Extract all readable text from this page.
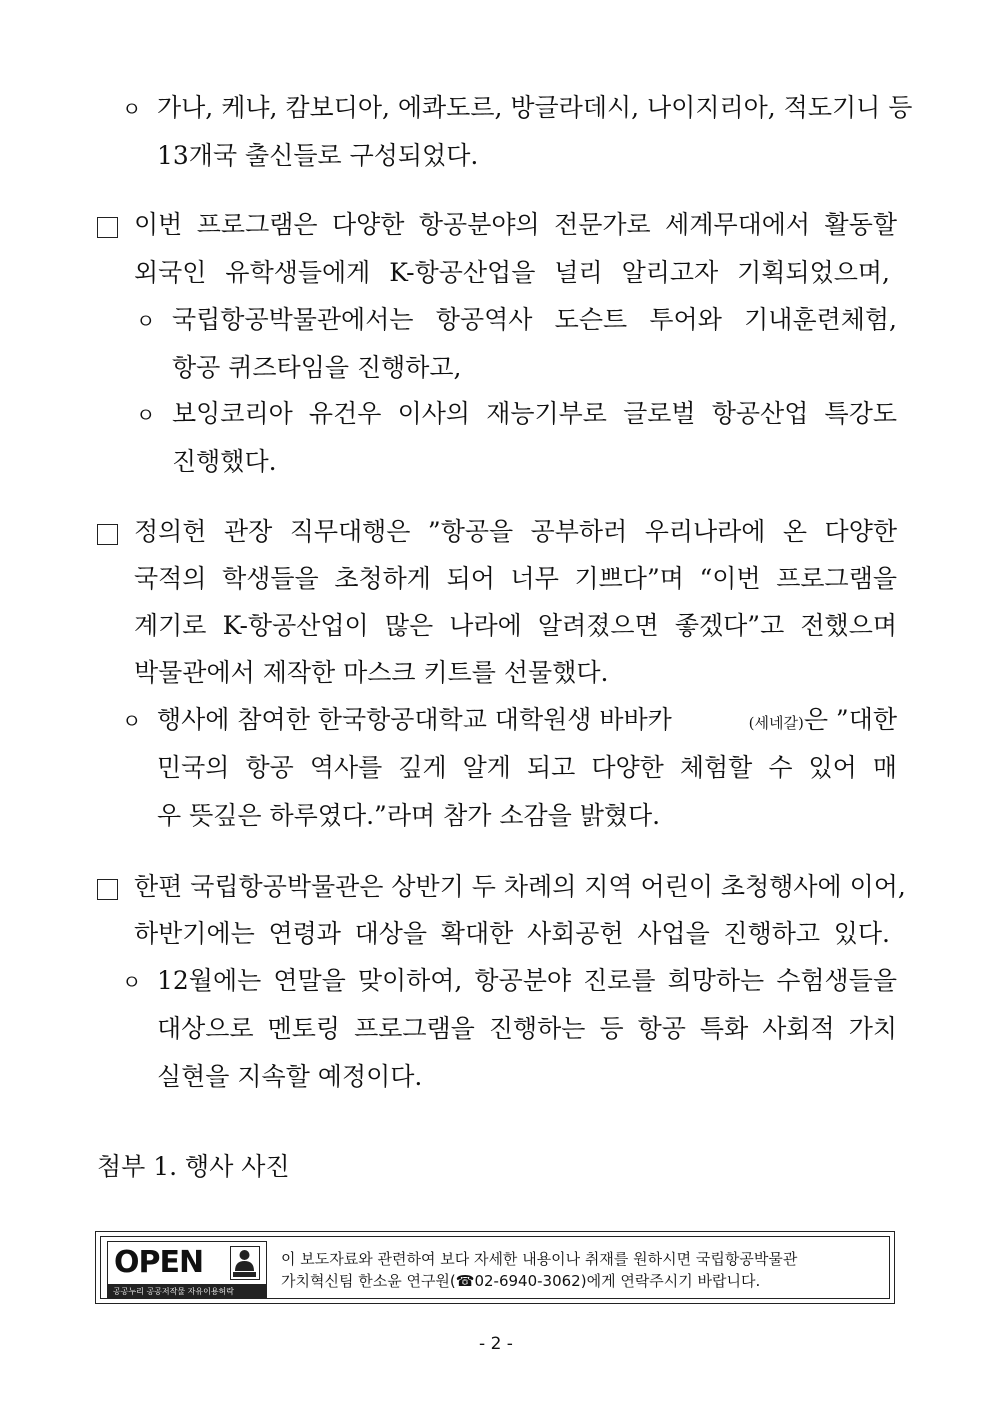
ㅇ 가나, 케냐, 캄보디아, 에콰도르, 방글라데시, 나이지리아, 적도기니 등
13개국 출신들로 구성되었다.
이번 프로그램은 다양한 항공분야의 전문가로 세계무대에서 활동할
외국인 유학생들에게 K-항공산업을 널리 알리고자 기획되었으며,
ㅇ 국립항공박물관에서는 항공역사 도슨트 투어와 기내훈련체험,
항공 퀴즈타임을 진행하고,
ㅇ 보잉코리아 유건우 이사의 재능기부로 글로벌 항공산업 특강도
진행했다.
정의헌 관장 직무대행은 ”항공을 공부하러 우리나라에 온 다양한
국적의 학생들을 초청하게 되어 너무 기쁘다”며 “이번 프로그램을
계기로 K-항공산업이 많은 나라에 알려졌으면 좋겠다”고 전했으며
박물관에서 제작한 마스크 키트를 선물했다.
ㅇ 행사에 참여한 한국항공대학교 대학원생 바바카	(세네갈)은 ”대한
민국의 항공 역사를 깊게 알게 되고 다양한 체험할 수 있어 매
우 뜻깊은 하루였다.”라며 참가 소감을 밝혔다.
한편 국립항공박물관은 상반기 두 차례의 지역 어린이 초청행사에 이어,
하반기에는 연령과 대상을 확대한 사회공헌 사업을 진행하고 있다.
ㅇ 12월에는 연말을 맞이하여, 항공분야 진로를 희망하는 수험생들을
대상으로 멘토링 프로그램을 진행하는 등 항공 특화 사회적 가치
실현을 지속할 예정이다.
첨부 1. 행사 사진
OPEN
공공누리 공공저작물 자유이용허락
이 보도자료와 관련하여 보다 자세한 내용이나 취재를 원하시면 국립항공박물관
가치혁신팀 한소윤 연구원(☎02-6940-3062)에게 연락주시기 바랍니다.
- 2 -
